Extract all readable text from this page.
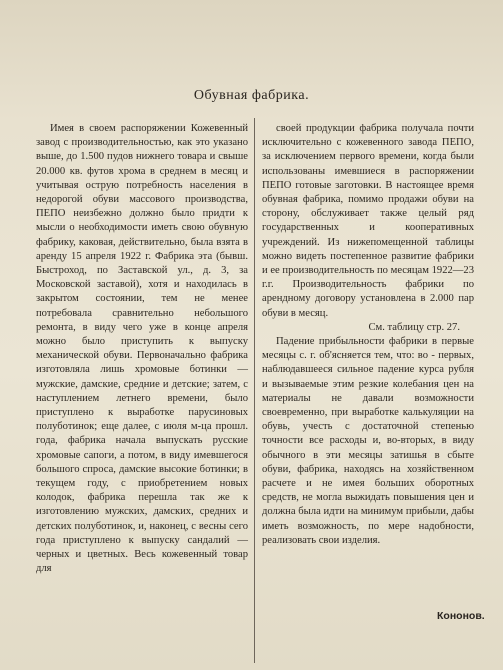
Обувная фабрика.

Имея в своем распоряжении Кожевенный завод с производительностью, как это указано выше, до 1.500 пудов нижнего товара и свыше 20.000 кв. футов хрома в среднем в месяц и учитывая острую потребность населения в недорогой обуви массового производства, ПЕПО неизбежно должно было придти к мысли о необходимости иметь свою обувную фабрику, каковая, действительно, была взята в аренду 15 апреля 1922 г. Фабрика эта (бывш. Быстроход, по Заставской ул., д. 3, за Московской заставой), хотя и находилась в закрытом состоянии, тем не менее потребовала сравнительно небольшого ремонта, в виду чего уже в конце апреля можно было приступить к выпуску механической обуви. Первоначально фабрика изготовляла лишь хромовые ботинки — мужские, дамские, средние и детские; затем, с наступлением летнего времени, было приступлено к выработке парусиновых полуботинок; еще далее, с июля м-ца прошл. года, фабрика начала выпускать русские хромовые сапоги, а потом, в виду имевшегося большого спроса, дамские высокие ботинки; в текущем году, с приобретением новых колодок, фабрика перешла так же к изготовлению мужских, дамских, средних и детских полуботинок, и, наконец, с весны сего года приступлено к выпуску сандалий — черных и цветных. Весь кожевенный товар для

своей продукции фабрика получала почти исключительно с кожевенного завода ПЕПО, за исключением первого времени, когда были использованы имевшиеся в распоряжении ПЕПО готовые заготовки. В настоящее время обувная фабрика, помимо продажи обуви на сторону, обслуживает также целый ряд государственных и кооперативных учреждений. Из нижепомещенной таблицы можно видеть постепенное развитие фабрики и ее производительность по месяцам 1922—23 г.г. Производительность фабрики по арендному договору установлена в 2.000 пар обуви в месяц.

См. таблицу стр. 27.

Падение прибыльности фабрики в первые месяцы с. г. об'ясняется тем, что: во - первых, наблюдавшееся сильное падение курса рубля и вызываемые этим резкие колебания цен на материалы не давали возможности своевременно, при выработке калькуляции на обувь, учесть с достаточной степенью точности все расходы и, во-вторых, в виду обычного в эти месяцы затишья в сбыте обуви, фабрика, находясь на хозяйственном расчете и не имея больших оборотных средств, не могла выжидать повышения цен и должна была идти на минимум прибыли, дабы иметь возможность, по мере надобности, реализовать свои изделия.

Кононов.
